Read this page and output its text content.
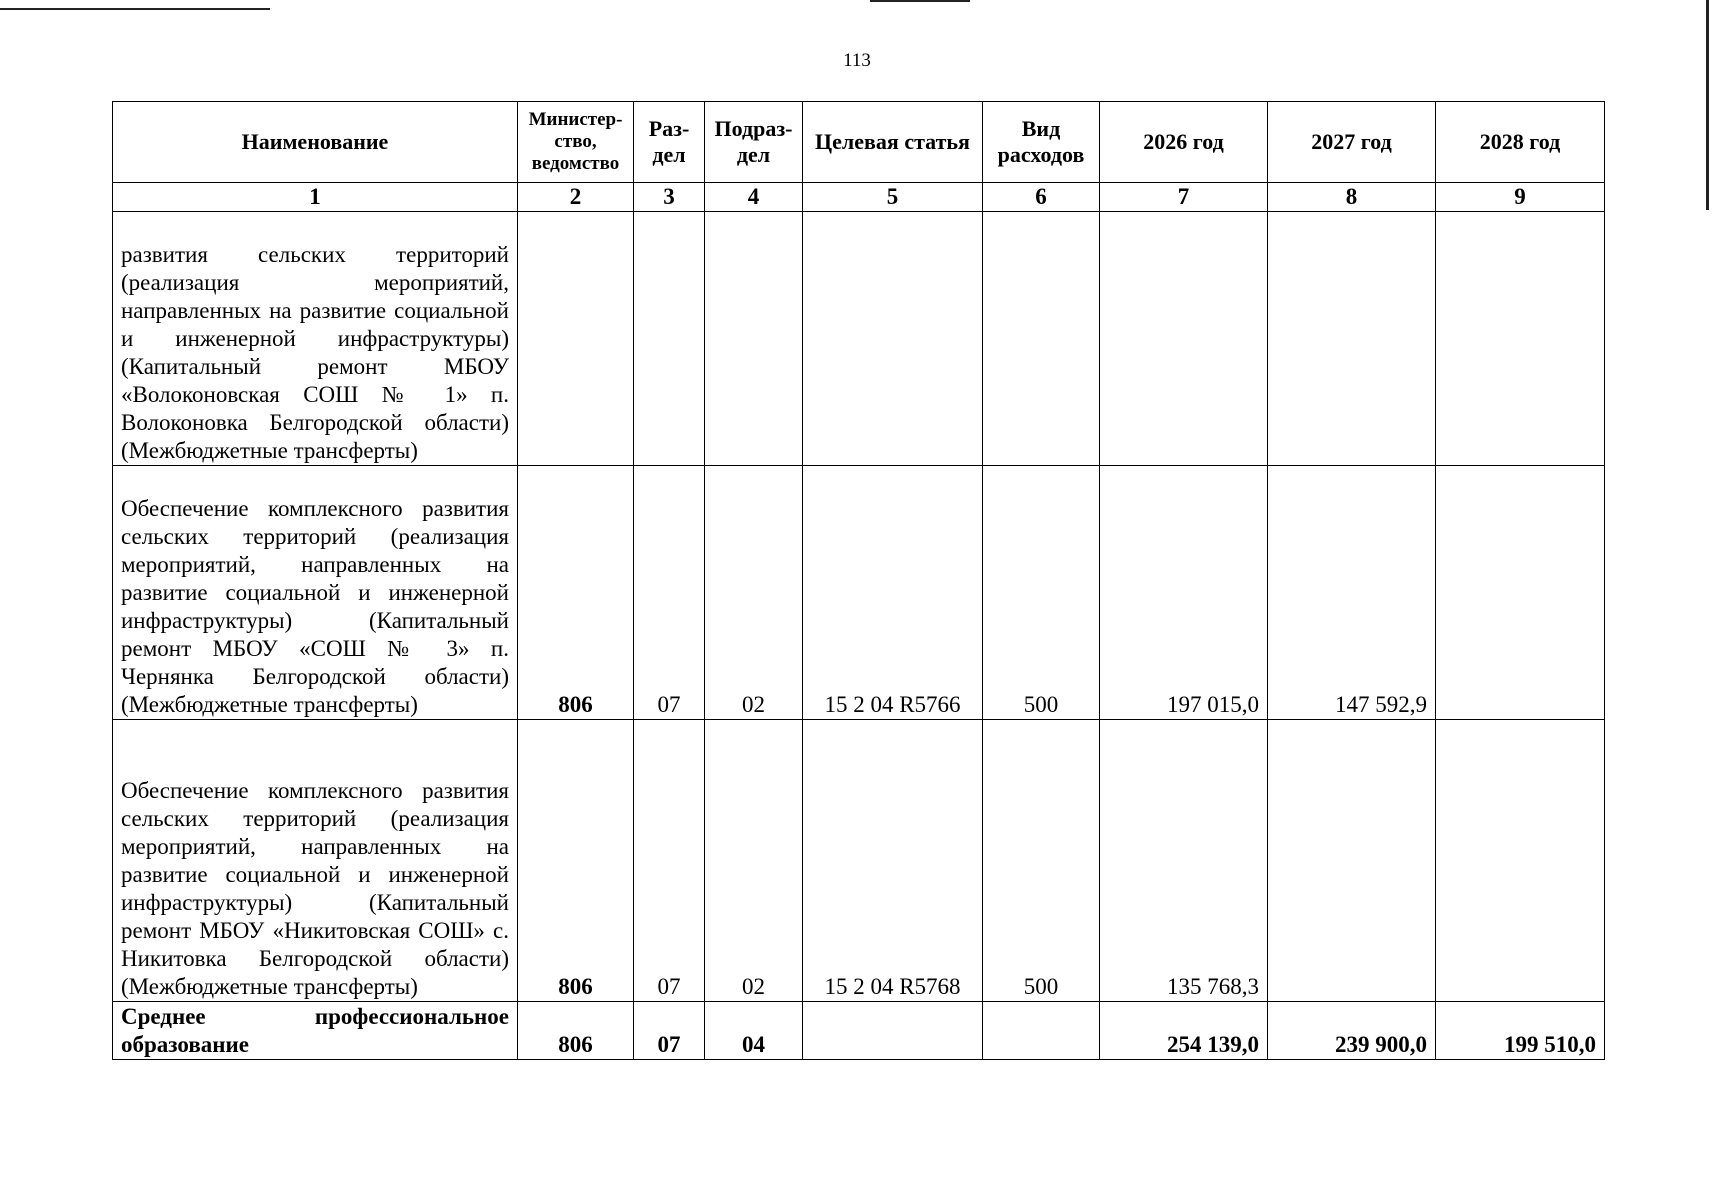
113
Наименование	Министер-ство, ведомство	Раз-дел	Подраз-дел	Целевая статья	Вид расходов	2026 год	2027 год	2028 год
1	2	3	4	5	6	7	8	9
развития сельских территорий (реализация мероприятий, направленных на развитие социальной и инженерной инфраструктуры) (Капитальный ремонт МБОУ «Волоконовская СОШ № 1» п. Волоконовка Белгородской области) (Межбюджетные трансферты)								
Обеспечение комплексного развития сельских территорий (реализация мероприятий, направленных на развитие социальной и инженерной инфраструктуры) (Капитальный ремонт МБОУ «СОШ № 3» п. Чернянка Белгородской области) (Межбюджетные трансферты)	806	07	02	15 2 04 R5766	500	197 015,0	147 592,9	
Обеспечение комплексного развития сельских территорий (реализация мероприятий, направленных на развитие социальной и инженерной инфраструктуры) (Капитальный ремонт МБОУ «Никитовская СОШ» с. Никитовка Белгородской области) (Межбюджетные трансферты)	806	07	02	15 2 04 R5768	500	135 768,3		
Среднее профессиональное образование	806	07	04			254 139,0	239 900,0	199 510,0
